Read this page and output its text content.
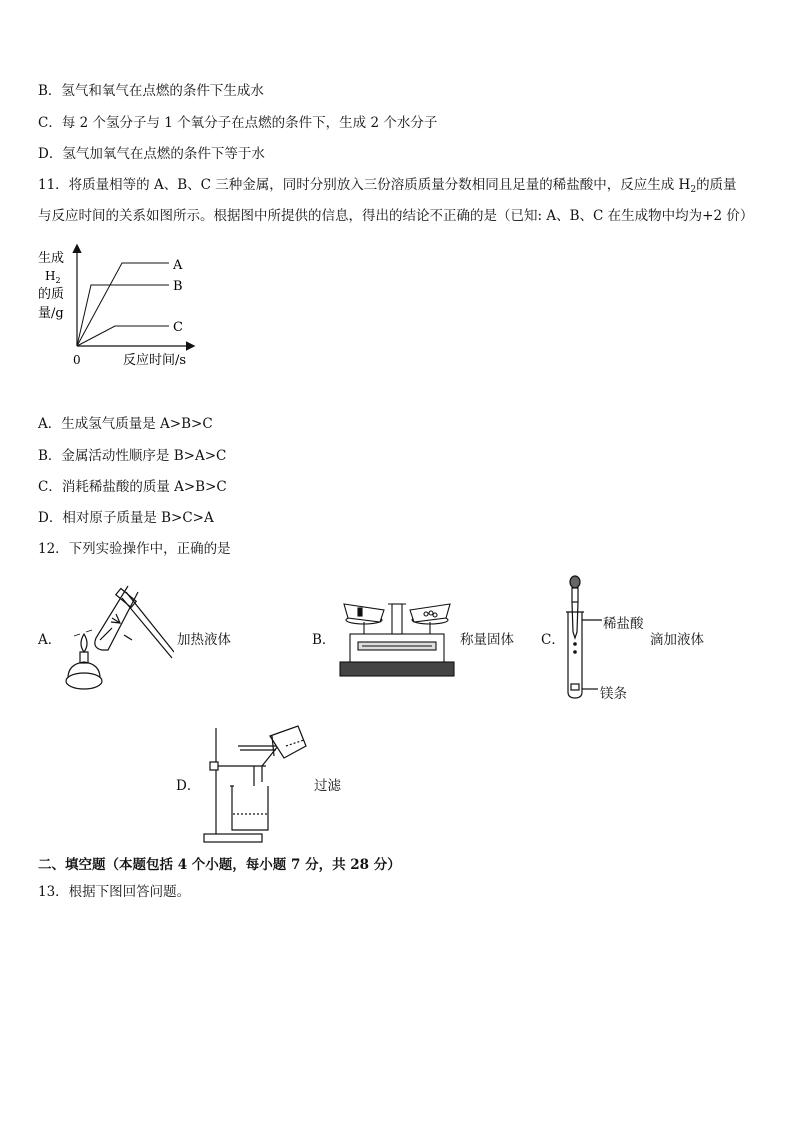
B．氢气和氧气在点燃的条件下生成水
C．每 2 个氢分子与 1 个氧分子在点燃的条件下，生成 2 个水分子
D．氢气加氧气在点燃的条件下等于水
11．将质量相等的 A、B、C 三种金属，同时分别放入三份溶质质量分数相同且足量的稀盐酸中，反应生成 $H_2$的质量
与反应时间的关系如图所示。根据图中所提供的信息，得出的结论不正确的是（已知: A、B、C 在生成物中均为+2 价）
生成
$H_2$
的质
量/g
A
B
C
0	反应时间/s
A．生成氢气质量是 A>B>C
B．金属活动性顺序是 B>A>C
C．消耗稀盐酸的质量 A>B>C
D．相对原子质量是 B>C>A
12．下列实验操作中，正确的是
A．	加热液体	B．	称量固体 C．
稀盐酸
滴加液体
镁条
D．	过滤
二、填空题（本题包括 4 个小题，每小题 7 分，共 28 分）
13．根据下图回答问题。
